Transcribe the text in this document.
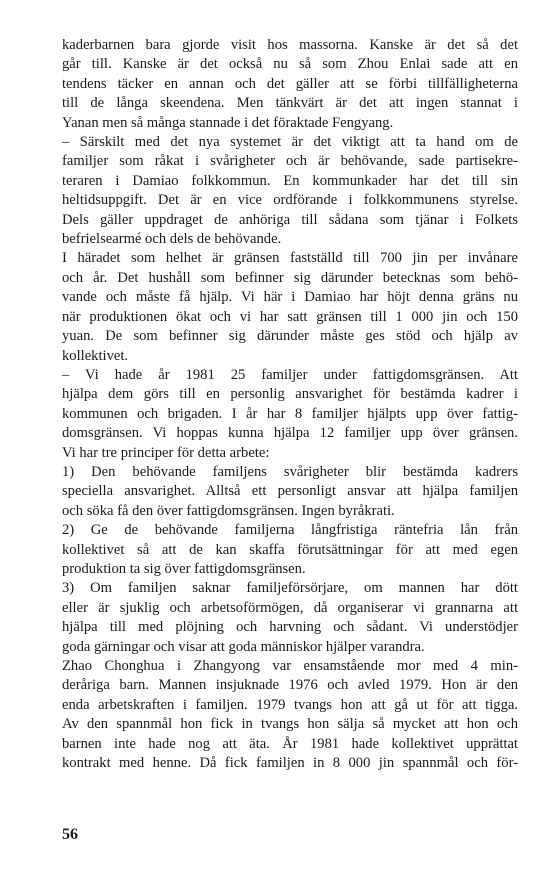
kaderbarnen bara gjorde visit hos massorna. Kanske är det så det
går till. Kanske är det också nu så som Zhou Enlai sade att en
tendens täcker en annan och det gäller att se förbi tillfälligheterna
till de långa skeendena. Men tänkvärt är det att ingen stannat i
Yanan men så många stannade i det föraktade Fengyang.

– Särskilt med det nya systemet är det viktigt att ta hand om de
familjer som råkat i svårigheter och är behövande, sade partisekre-
teraren i Damiao folkkommun. En kommunkader har det till sin
heltidsuppgift. Det är en vice ordförande i folkkommunens styrelse.
Dels gäller uppdraget de anhöriga till sådana som tjänar i Folkets
befrielsearmé och dels de behövande.

I häradet som helhet är gränsen fastställd till 700 jin per invånare
och år. Det hushåll som befinner sig därunder betecknas som behö-
vande och måste få hjälp. Vi här i Damiao har höjt denna gräns nu
när produktionen ökat och vi har satt gränsen till 1 000 jin och 150
yuan. De som befinner sig därunder måste ges stöd och hjälp av
kollektivet.

– Vi hade år 1981 25 familjer under fattigdomsgränsen. Att
hjälpa dem görs till en personlig ansvarighet för bestämda kadrer i
kommunen och brigaden. I år har 8 familjer hjälpts upp över fattig-
domsgränsen. Vi hoppas kunna hjälpa 12 familjer upp över gränsen.
Vi har tre principer för detta arbete:

1) Den behövande familjens svårigheter blir bestämda kadrers
speciella ansvarighet. Alltså ett personligt ansvar att hjälpa familjen
och söka få den över fattigdomsgränsen. Ingen byråkrati.

2) Ge de behövande familjerna långfristiga räntefria lån från
kollektivet så att de kan skaffa förutsättningar för att med egen
produktion ta sig över fattigdomsgränsen.

3) Om familjen saknar familjeförsörjare, om mannen har dött
eller är sjuklig och arbetsoförmögen, då organiserar vi grannarna att
hjälpa till med plöjning och harvning och sådant. Vi understödjer
goda gärningar och visar att goda människor hjälper varandra.

Zhao Chonghua i Zhangyong var ensamstående mor med 4 min-
deråriga barn. Mannen insjuknade 1976 och avled 1979. Hon är den
enda arbetskraften i familjen. 1979 tvangs hon att gå ut för att tigga.
Av den spannmål hon fick in tvangs hon sälja så mycket att hon och
barnen inte hade nog att äta. År 1981 hade kollektivet upprättat
kontrakt med henne. Då fick familjen in 8 000 jin spannmål och för-

56
